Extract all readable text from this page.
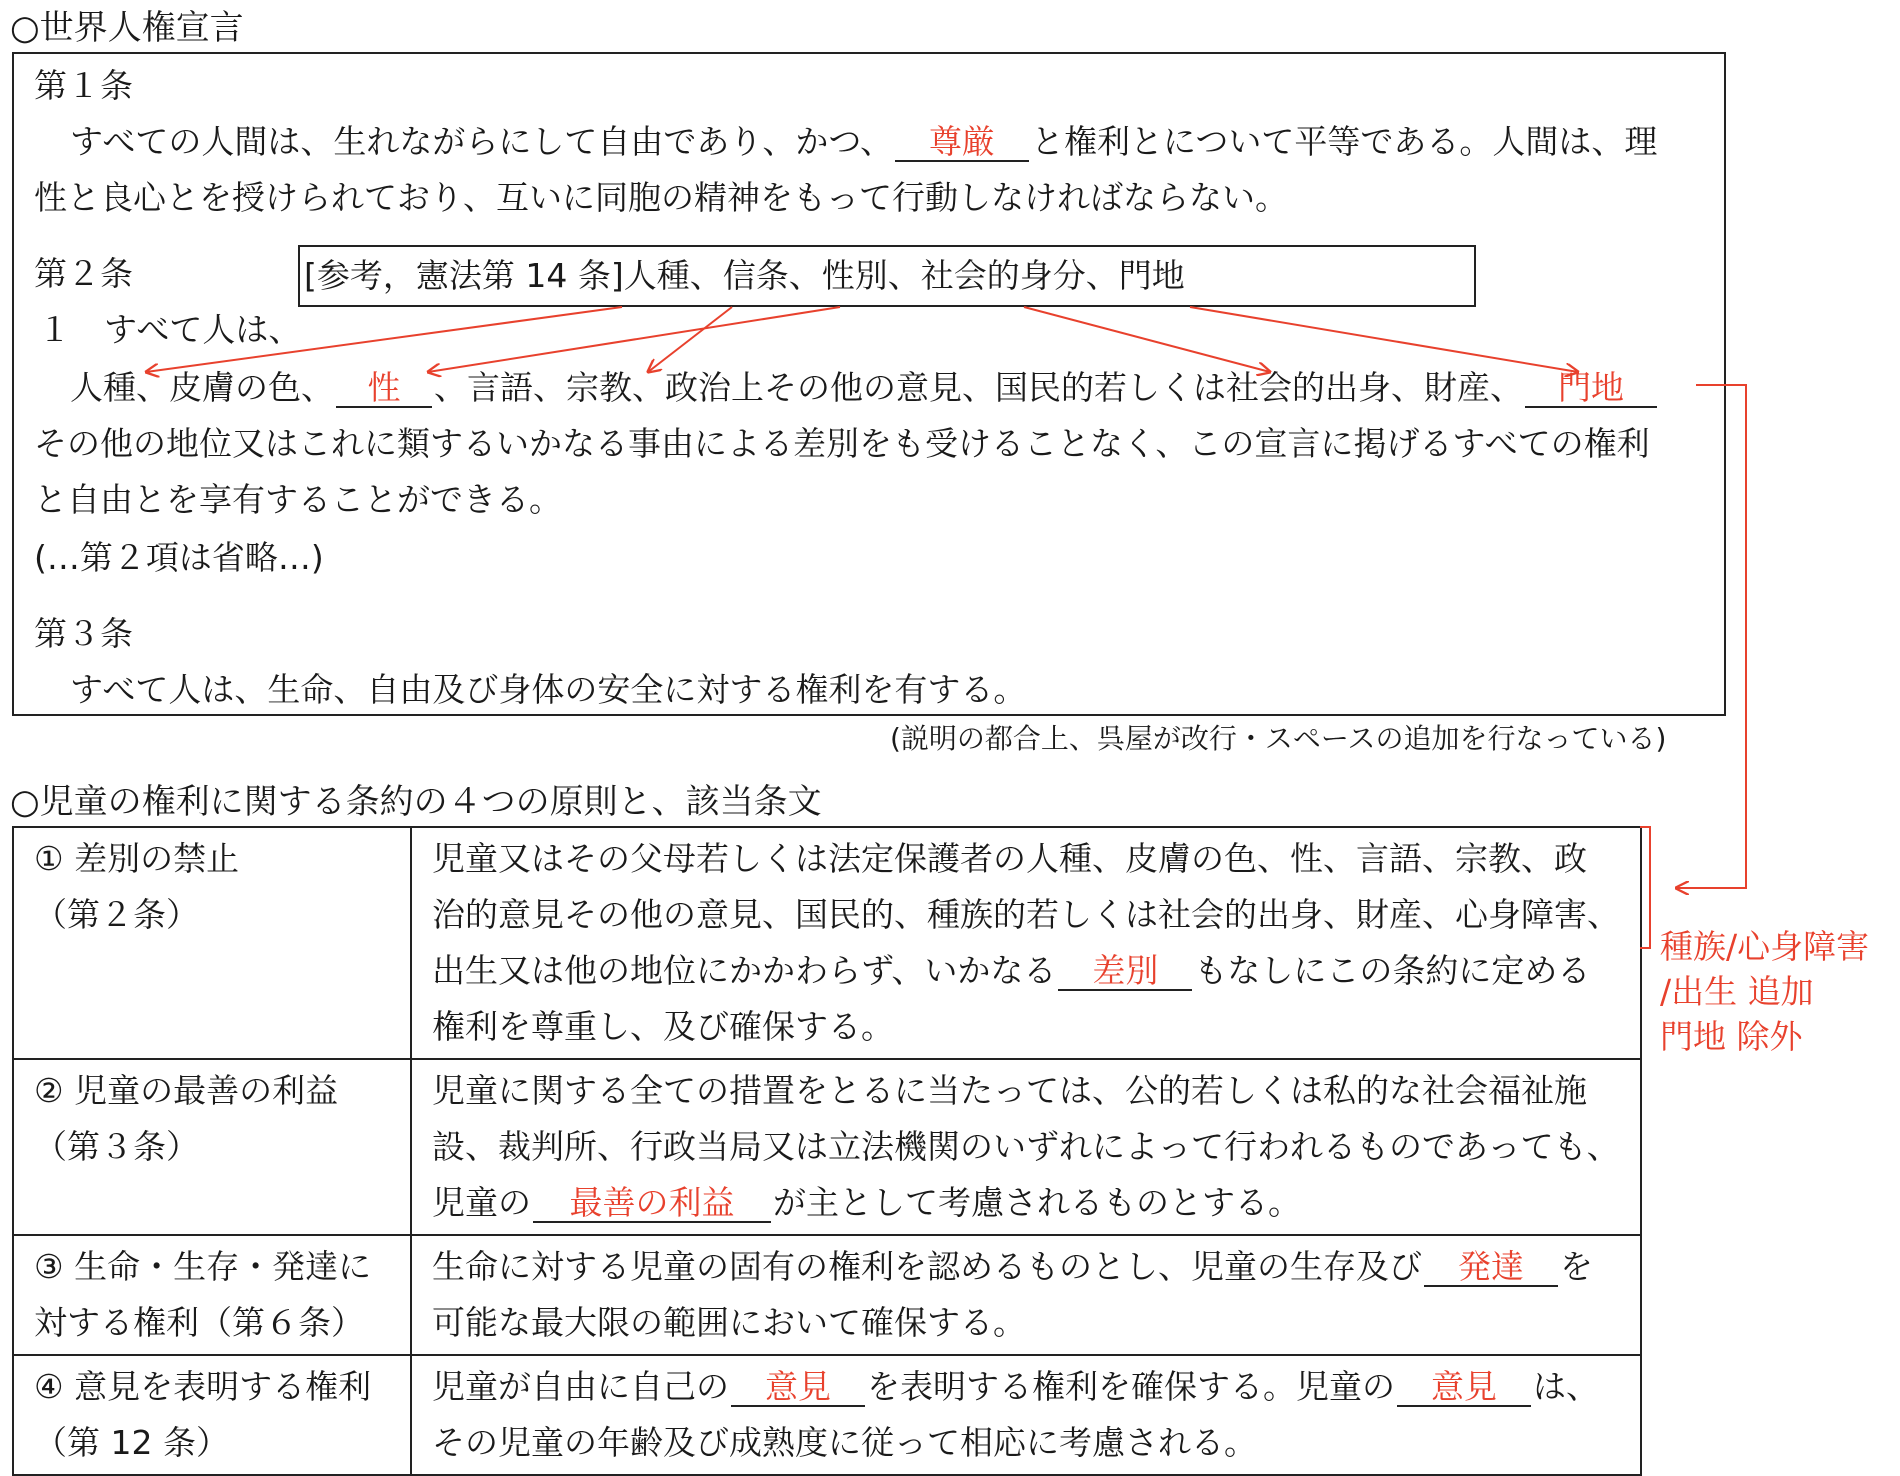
○世界人権宣言
第１条
すべての人間は、生れながらにして自由であり、かつ、 尊厳 と権利とについて平等である。人間は、理
性と良心とを授けられており、互いに同胞の精神をもって行動しなければならない。
第２条	[参考，憲法第 14 条]人種、信条、性別、社会的身分、門地
１　すべて人は、
人種、皮膚の色、 性 、言語、宗教、政治上その他の意見、国民的若しくは社会的出身、財産、 門地
その他の地位又はこれに類するいかなる事由による差別をも受けることなく、この宣言に掲げるすべての権利
と自由とを享有することができる。
(…第２項は省略…)
第３条
すべて人は、生命、自由及び身体の安全に対する権利を有する。
(説明の都合上、呉屋が改行・スペースの追加を行なっている)
○児童の権利に関する条約の４つの原則と、該当条文
① 差別の禁止
（第２条）	児童又はその父母若しくは法定保護者の人種、皮膚の色、性、言語、宗教、政
治的意見その他の意見、国民的、種族的若しくは社会的出身、財産、心身障害、
出生又は他の地位にかかわらず、いかなる 差別 もなしにこの条約に定める
権利を尊重し、及び確保する。

② 児童の最善の利益
（第３条）	児童に関する全ての措置をとるに当たっては、公的若しくは私的な社会福祉施
設、裁判所、行政当局又は立法機関のいずれによって行われるものであっても、
児童の 最善の利益 が主として考慮されるものとする。

③ 生命・生存・発達に
対する権利（第６条）	生命に対する児童の固有の権利を認めるものとし、児童の生存及び 発達 を
可能な最大限の範囲において確保する。

④ 意見を表明する権利
（第 12 条）	児童が自由に自己の 意見 を表明する権利を確保する。児童の 意見 は、
その児童の年齢及び成熟度に従って相応に考慮される。
種族/心身障害
/出生 追加
門地 除外
